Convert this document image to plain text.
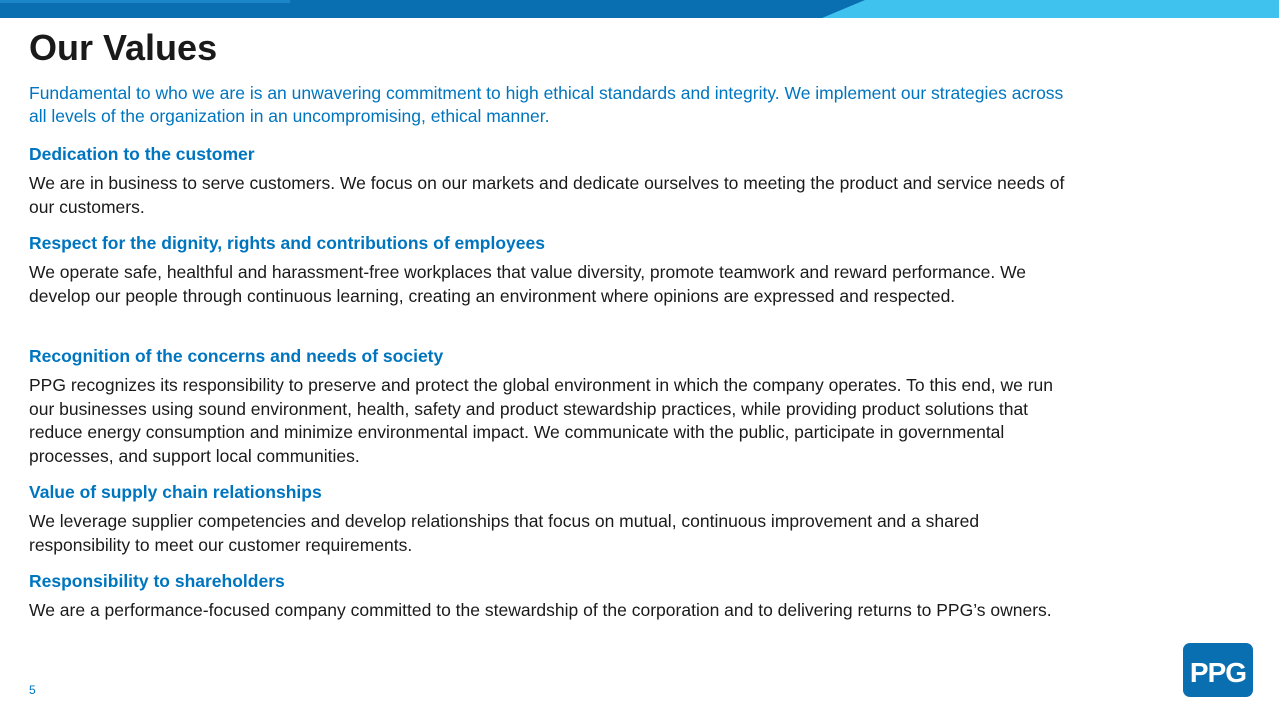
Our Values

Fundamental to who we are is an unwavering commitment to high ethical standards and integrity. We implement our strategies across all levels of the organization in an uncompromising, ethical manner.

Dedication to the customer

We are in business to serve customers. We focus on our markets and dedicate ourselves to meeting the product and service needs of our customers.

Respect for the dignity, rights and contributions of employees

We operate safe, healthful and harassment-free workplaces that value diversity, promote teamwork and reward performance. We develop our people through continuous learning, creating an environment where opinions are expressed and respected.

Recognition of the concerns and needs of society

PPG recognizes its responsibility to preserve and protect the global environment in which the company operates. To this end, we run our businesses using sound environment, health, safety and product stewardship practices, while providing product solutions that reduce energy consumption and minimize environmental impact. We communicate with the public, participate in governmental processes, and support local communities.

Value of supply chain relationships

We leverage supplier competencies and develop relationships that focus on mutual, continuous improvement and a shared responsibility to meet our customer requirements.

Responsibility to shareholders

We are a performance-focused company committed to the stewardship of the corporation and to delivering returns to PPG’s owners.

5
PPG
